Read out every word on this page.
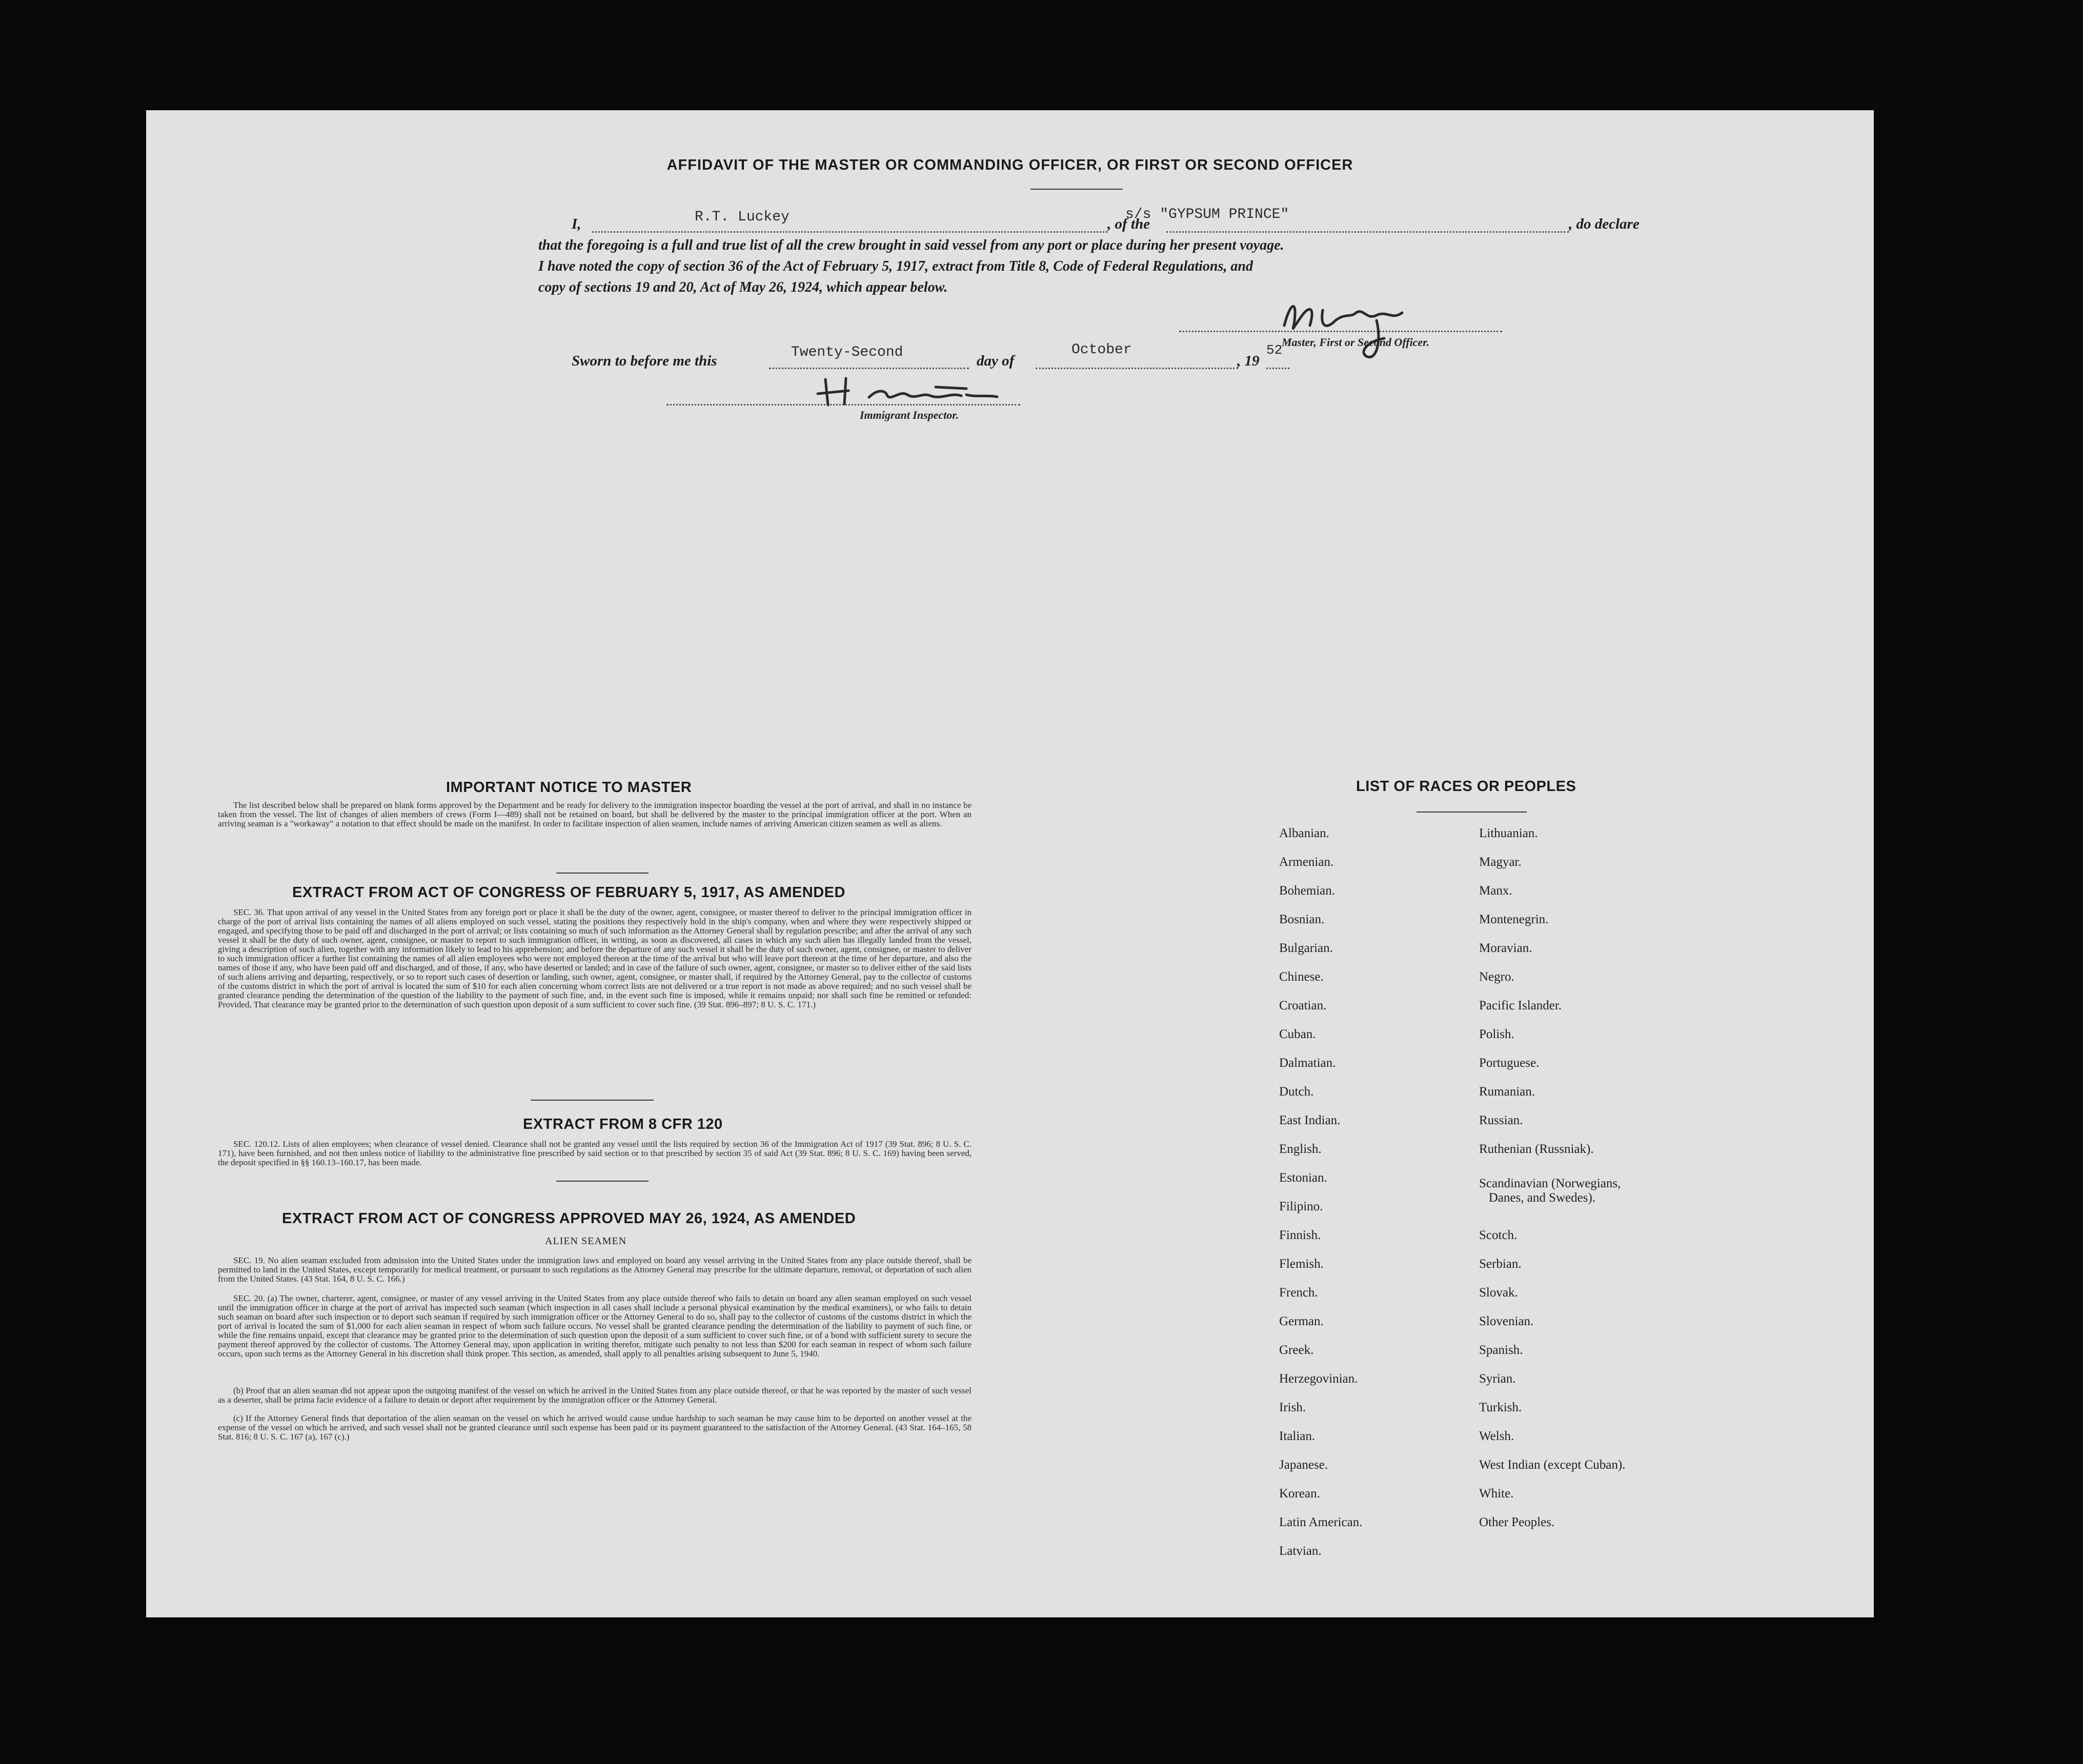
AFFIDAVIT OF THE MASTER OR COMMANDING OFFICER, OR FIRST OR SECOND OFFICER
I,	R.T. Luckey	, of the
s/s "GYPSUM PRINCE"
, do declare
that the foregoing is a full and true list of all the crew brought in said vessel from any port or place during her present voyage.
I have noted the copy of section 36 of the Act of February 5, 1917, extract from Title 8, Code of Federal Regulations, and
copy of sections 19 and 20, Act of May 26, 1924, which appear below.
Master, First or Second Officer.
Sworn to before me this
Twenty-Second
day of
October
, 19
52
Immigrant Inspector.
IMPORTANT NOTICE TO MASTER
The list described below shall be prepared on blank forms approved by the Department and be ready for delivery to the immigration inspector boarding the vessel at the port of arrival, and shall in no instance be taken from the vessel. The list of changes of alien members of crews (Form I—489) shall not be retained on board, but shall be delivered by the master to the principal immigration officer at the port. When an arriving seaman is a "workaway" a notation to that effect should be made on the manifest. In order to facilitate inspection of alien seamen, include names of arriving American citizen seamen as well as aliens.
EXTRACT FROM ACT OF CONGRESS OF FEBRUARY 5, 1917, AS AMENDED
SEC. 36. That upon arrival of any vessel in the United States from any foreign port or place it shall be the duty of the owner, agent, consignee, or master thereof to deliver to the principal immigration officer in charge of the port of arrival lists containing the names of all aliens employed on such vessel, stating the positions they respectively hold in the ship's company, when and where they were respectively shipped or engaged, and specifying those to be paid off and discharged in the port of arrival; or lists containing so much of such information as the Attorney General shall by regulation prescribe; and after the arrival of any such vessel it shall be the duty of such owner, agent, consignee, or master to report to such immigration officer, in writing, as soon as discovered, all cases in which any such alien has illegally landed from the vessel, giving a description of such alien, together with any information likely to lead to his apprehension; and before the departure of any such vessel it shall be the duty of such owner, agent, consignee, or master to deliver to such immigration officer a further list containing the names of all alien employees who were not employed thereon at the time of the arrival but who will leave port thereon at the time of her departure, and also the names of those if any, who have been paid off and discharged, and of those, if any, who have deserted or landed; and in case of the failure of such owner, agent, consignee, or master so to deliver either of the said lists of such aliens arriving and departing, respectively, or so to report such cases of desertion or landing, such owner, agent, consignee, or master shall, if required by the Attorney General, pay to the collector of customs of the customs district in which the port of arrival is located the sum of $10 for each alien concerning whom correct lists are not delivered or a true report is not made as above required; and no such vessel shall be granted clearance pending the determination of the question of the liability to the payment of such fine, and, in the event such fine is imposed, while it remains unpaid; nor shall such fine be remitted or refunded: Provided, That clearance may be granted prior to the determination of such question upon deposit of a sum sufficient to cover such fine. (39 Stat. 896–897; 8 U. S. C. 171.)
EXTRACT FROM 8 CFR 120
SEC. 120.12. Lists of alien employees; when clearance of vessel denied. Clearance shall not be granted any vessel until the lists required by section 36 of the Immigration Act of 1917 (39 Stat. 896; 8 U. S. C. 171), have been furnished, and not then unless notice of liability to the administrative fine prescribed by said section or to that prescribed by section 35 of said Act (39 Stat. 896; 8 U. S. C. 169) having been served, the deposit specified in §§ 160.13–160.17, has been made.
EXTRACT FROM ACT OF CONGRESS APPROVED MAY 26, 1924, AS AMENDED
ALIEN SEAMEN
SEC. 19. No alien seaman excluded from admission into the United States under the immigration laws and employed on board any vessel arriving in the United States from any place outside thereof, shall be permitted to land in the United States, except temporarily for medical treatment, or pursuant to such regulations as the Attorney General may prescribe for the ultimate departure, removal, or deportation of such alien from the United States. (43 Stat. 164, 8 U. S. C. 166.)
SEC. 20. (a) The owner, charterer, agent, consignee, or master of any vessel arriving in the United States from any place outside thereof who fails to detain on board any alien seaman employed on such vessel until the immigration officer in charge at the port of arrival has inspected such seaman (which inspection in all cases shall include a personal physical examination by the medical examiners), or who fails to detain such seaman on board after such inspection or to deport such seaman if required by such immigration officer or the Attorney General to do so, shall pay to the collector of customs of the customs district in which the port of arrival is located the sum of $1,000 for each alien seaman in respect of whom such failure occurs. No vessel shall be granted clearance pending the determination of the liability to payment of such fine, or while the fine remains unpaid, except that clearance may be granted prior to the determination of such question upon the deposit of a sum sufficient to cover such fine, or of a bond with sufficient surety to secure the payment thereof approved by the collector of customs. The Attorney General may, upon application in writing therefor, mitigate such penalty to not less than $200 for each seaman in respect of whom such failure occurs, upon such terms as the Attorney General in his discretion shall think proper. This section, as amended, shall apply to all penalties arising subsequent to June 5, 1940.
(b) Proof that an alien seaman did not appear upon the outgoing manifest of the vessel on which he arrived in the United States from any place outside thereof, or that he was reported by the master of such vessel as a deserter, shall be prima facie evidence of a failure to detain or deport after requirement by the immigration officer or the Attorney General.
(c) If the Attorney General finds that deportation of the alien seaman on the vessel on which he arrived would cause undue hardship to such seaman he may cause him to be deported on another vessel at the expense of the vessel on which he arrived, and such vessel shall not be granted clearance until such expense has been paid or its payment guaranteed to the satisfaction of the Attorney General. (43 Stat. 164–165, 58 Stat. 816; 8 U. S. C. 167 (a), 167 (c).)
LIST OF RACES OR PEOPLES
Albanian.
Armenian.
Bohemian.
Bosnian.
Bulgarian.
Chinese.
Croatian.
Cuban.
Dalmatian.
Dutch.
East Indian.
English.
Estonian.
Filipino.
Finnish.
Flemish.
French.
German.
Greek.
Herzegovinian.
Irish.
Italian.
Japanese.
Korean.
Latin American.
Latvian.
Lithuanian.
Magyar.
Manx.
Montenegrin.
Moravian.
Negro.
Pacific Islander.
Polish.
Portuguese.
Rumanian.
Russian.
Ruthenian (Russniak).
Scandinavian (Norwegians,
Danes, and Swedes).
Scotch.
Serbian.
Slovak.
Slovenian.
Spanish.
Syrian.
Turkish.
Welsh.
West Indian (except Cuban).
White.
Other Peoples.
